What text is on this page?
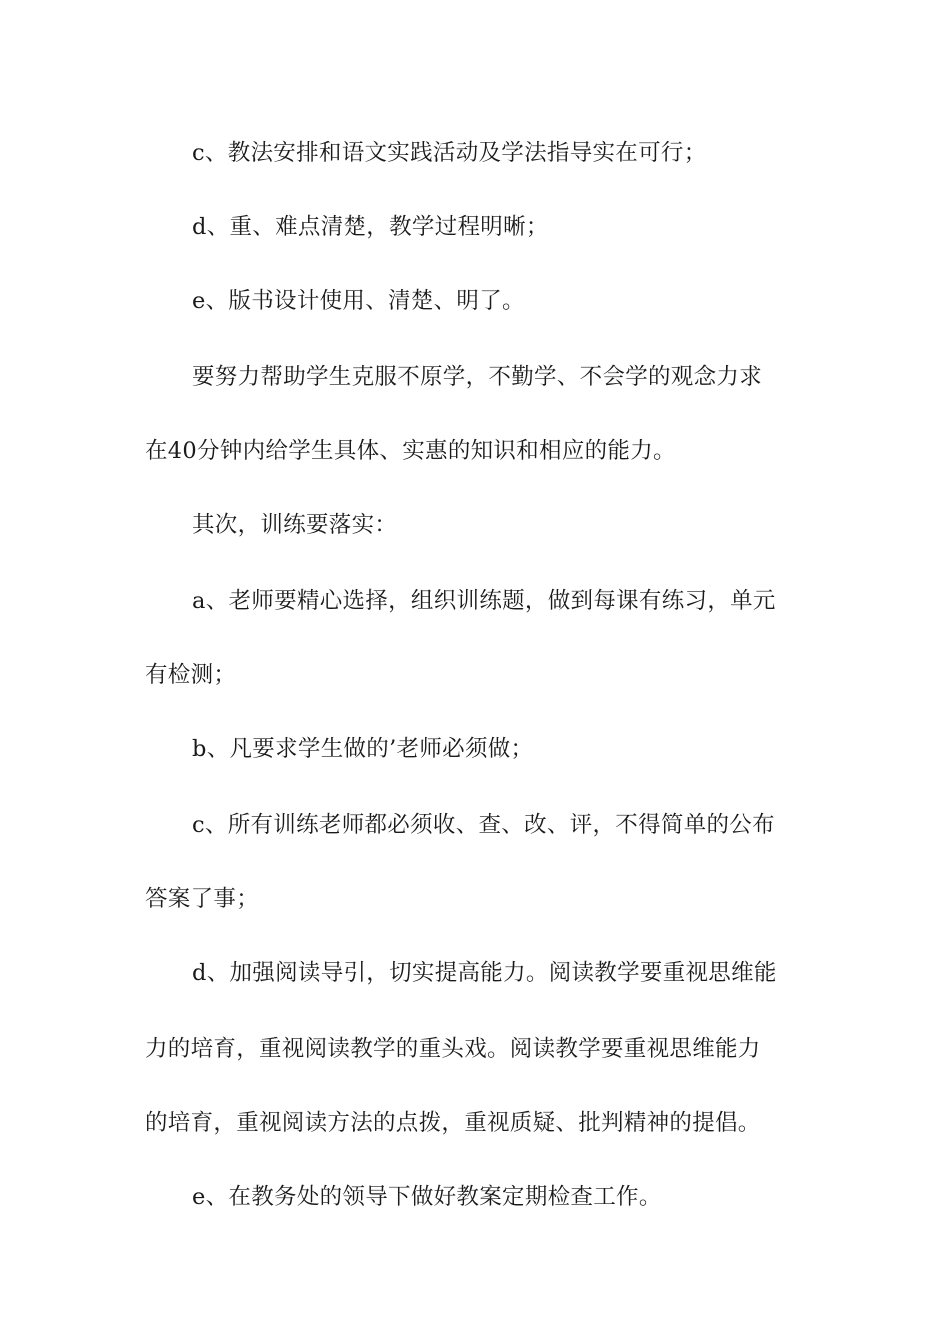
c、教法安排和语文实践活动及学法指导实在可行；
d、重、难点清楚，教学过程明晰；
e、版书设计使用、清楚、明了。
要努力帮助学生克服不原学，不勤学、不会学的观念力求
在40分钟内给学生具体、实惠的知识和相应的能力。
其次，训练要落实：
a、老师要精心选择，组织训练题，做到每课有练习，单元
有检测；
b、凡要求学生做的’老师必须做；
c、所有训练老师都必须收、查、改、评，不得简单的公布
答案了事；
d、加强阅读导引，切实提高能力。阅读教学要重视思维能
力的培育，重视阅读教学的重头戏。阅读教学要重视思维能力
的培育，重视阅读方法的点拨，重视质疑、批判精神的提倡。
e、在教务处的领导下做好教案定期检查工作。
